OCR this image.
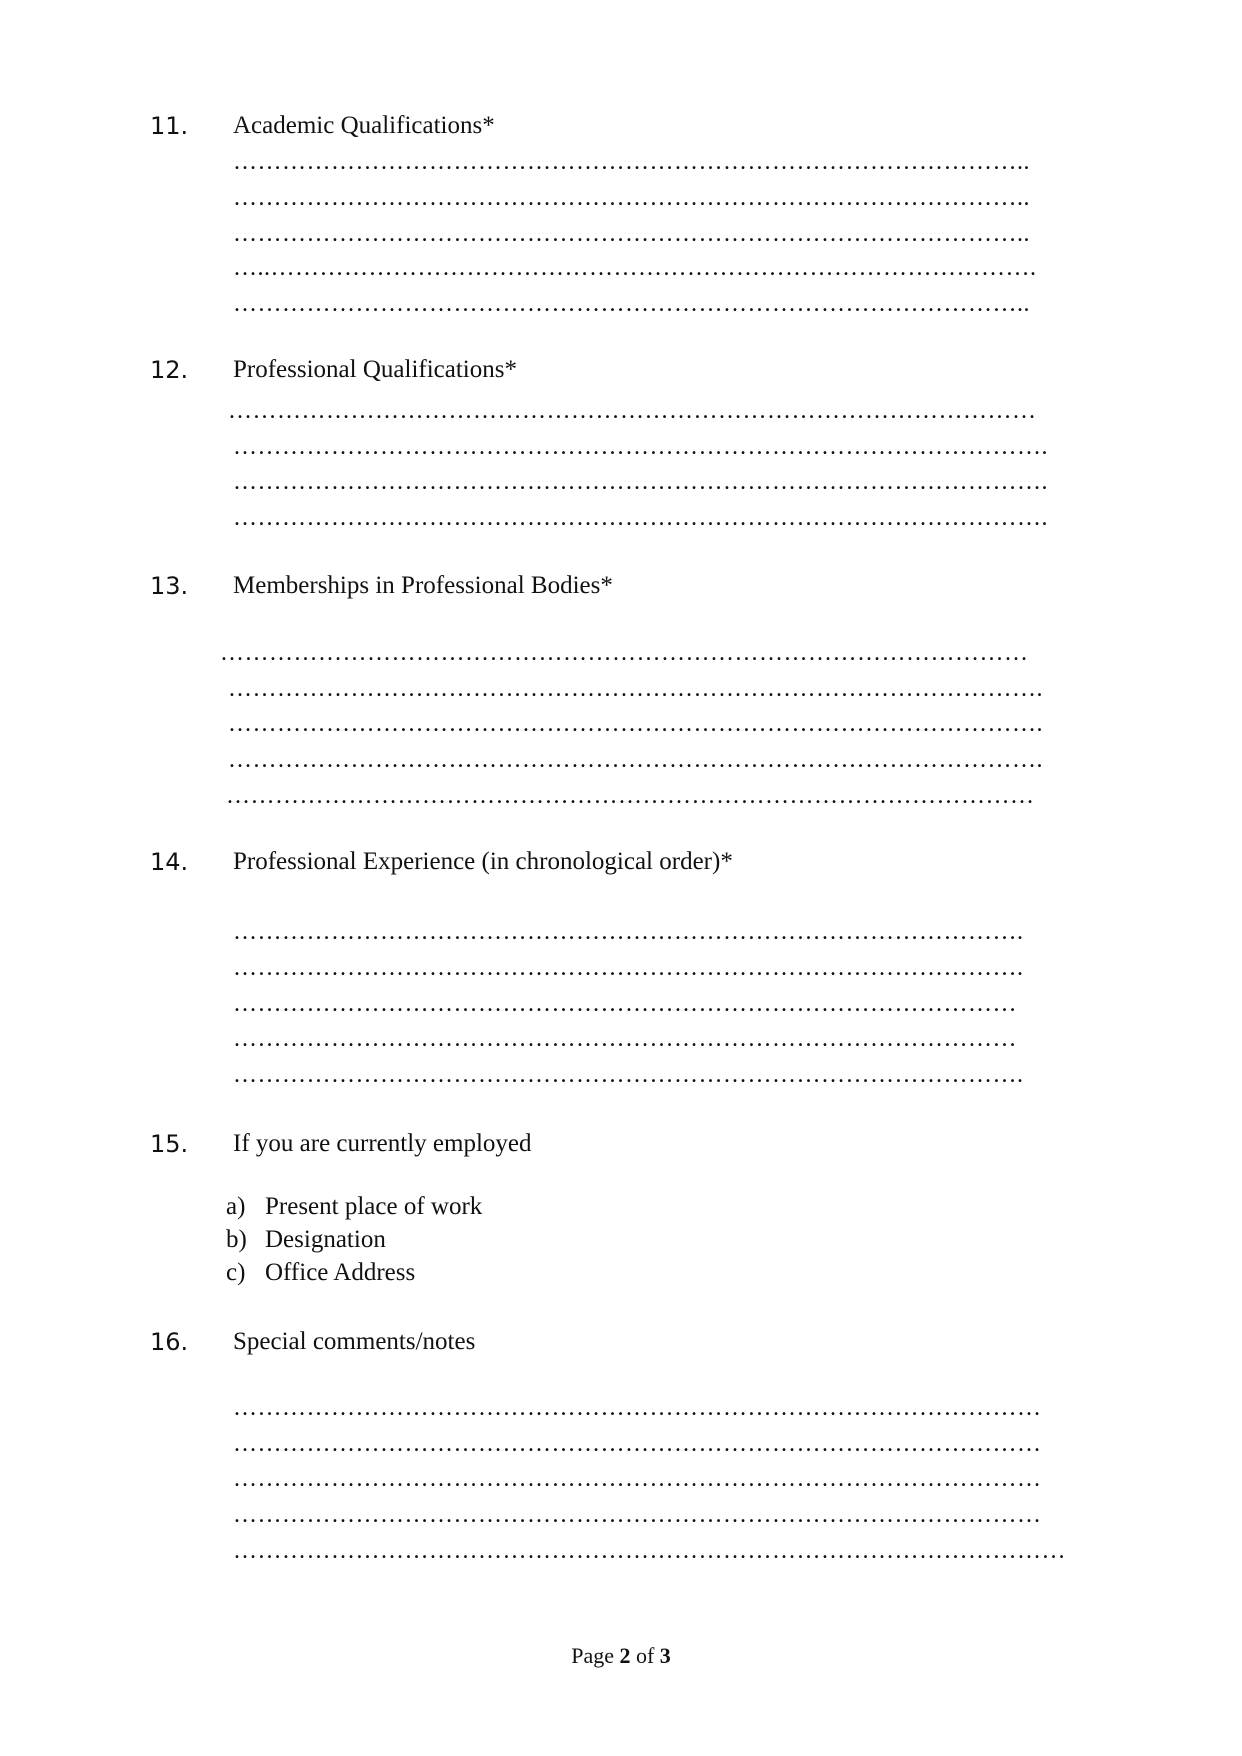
11. Academic Qualifications*
……………………………………………………………………………………..
……………………………………………………………………………………..
……………………………………………………………………………………..
…..………………………………………………………………………………….
……………………………………………………………………………………..
12. Professional Qualifications*
………………………………………………………………………………………
……………………………………………………………………………………….
……………………………………………………………………………………….
……………………………………………………………………………………….
13. Memberships in Professional Bodies*
………………………………………………………………………………………
……………………………………………………………………………………….
……………………………………………………………………………………….
……………………………………………………………………………………….
………………………………………………………………………………………
14. Professional Experience (in chronological order)*
…………………………………………………………………………………….
…………………………………………………………………………………….
……………………………………………………………………………………
……………………………………………………………………………………
…………………………………………………………………………………….
15. If you are currently employed
a) Present place of work
b) Designation
c) Office Address
16. Special comments/notes
………………………………………………………………………………………
………………………………………………………………………………………
………………………………………………………………………………………
………………………………………………………………………………………
…………………………………………………………………………………………
Page 2 of 3
